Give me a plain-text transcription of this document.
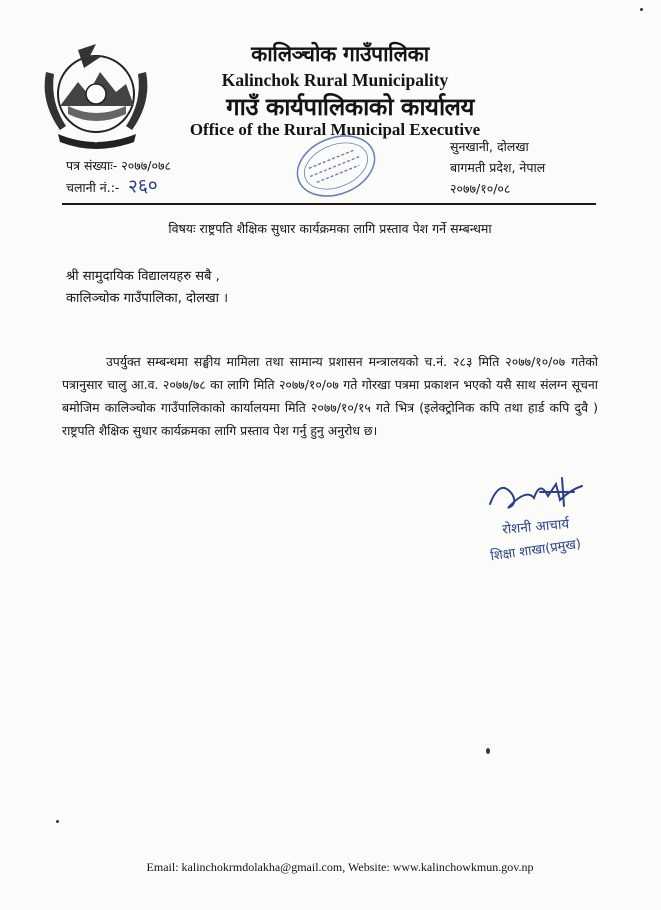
कालिञ्चोक गाउँपालिका
Kalinchok Rural Municipality
गाउँ कार्यपालिकाको कार्यालय
Office of the Rural Municipal Executive
पत्र संख्याः- २०७७/०७८
चलानी नं.:- २६०
सुनखानी, दोलखा
बागमती प्रदेश, नेपाल
२०७७/१०/०८
विषयः राष्ट्रपति शैक्षिक सुधार कार्यक्रमका लागि प्रस्ताव पेश गर्ने सम्बन्धमा
श्री सामुदायिक विद्यालयहरु सबै ,
कालिञ्चोक गाउँपालिका, दोलखा ।
उपर्युक्त सम्बन्धमा सङ्घीय मामिला तथा सामान्य प्रशासन मन्त्रालयको च.नं. २८३ मिति २०७७/१०/०७ गतेको पत्रानुसार चालु आ.व. २०७७/७८ का लागि मिति २०७७/१०/०७ गते गोरखा पत्रमा प्रकाशन भएको यसै साथ संलग्न सूचना बमोजिम कालिञ्चोक गाउँपालिकाको कार्यालयमा मिति २०७७/१०/१५ गते भित्र (इलेक्ट्रोनिक कपि तथा हार्ड कपि दुवै ) राष्ट्रपति शैक्षिक सुधार कार्यक्रमका लागि प्रस्ताव पेश गर्नु हुनु अनुरोध छ।
रोशनी आचार्य
शिक्षा शाखा(प्रमुख)
Email: kalinchokrmdolakha@gmail.com, Website: www.kalinchowkmun.gov.np
